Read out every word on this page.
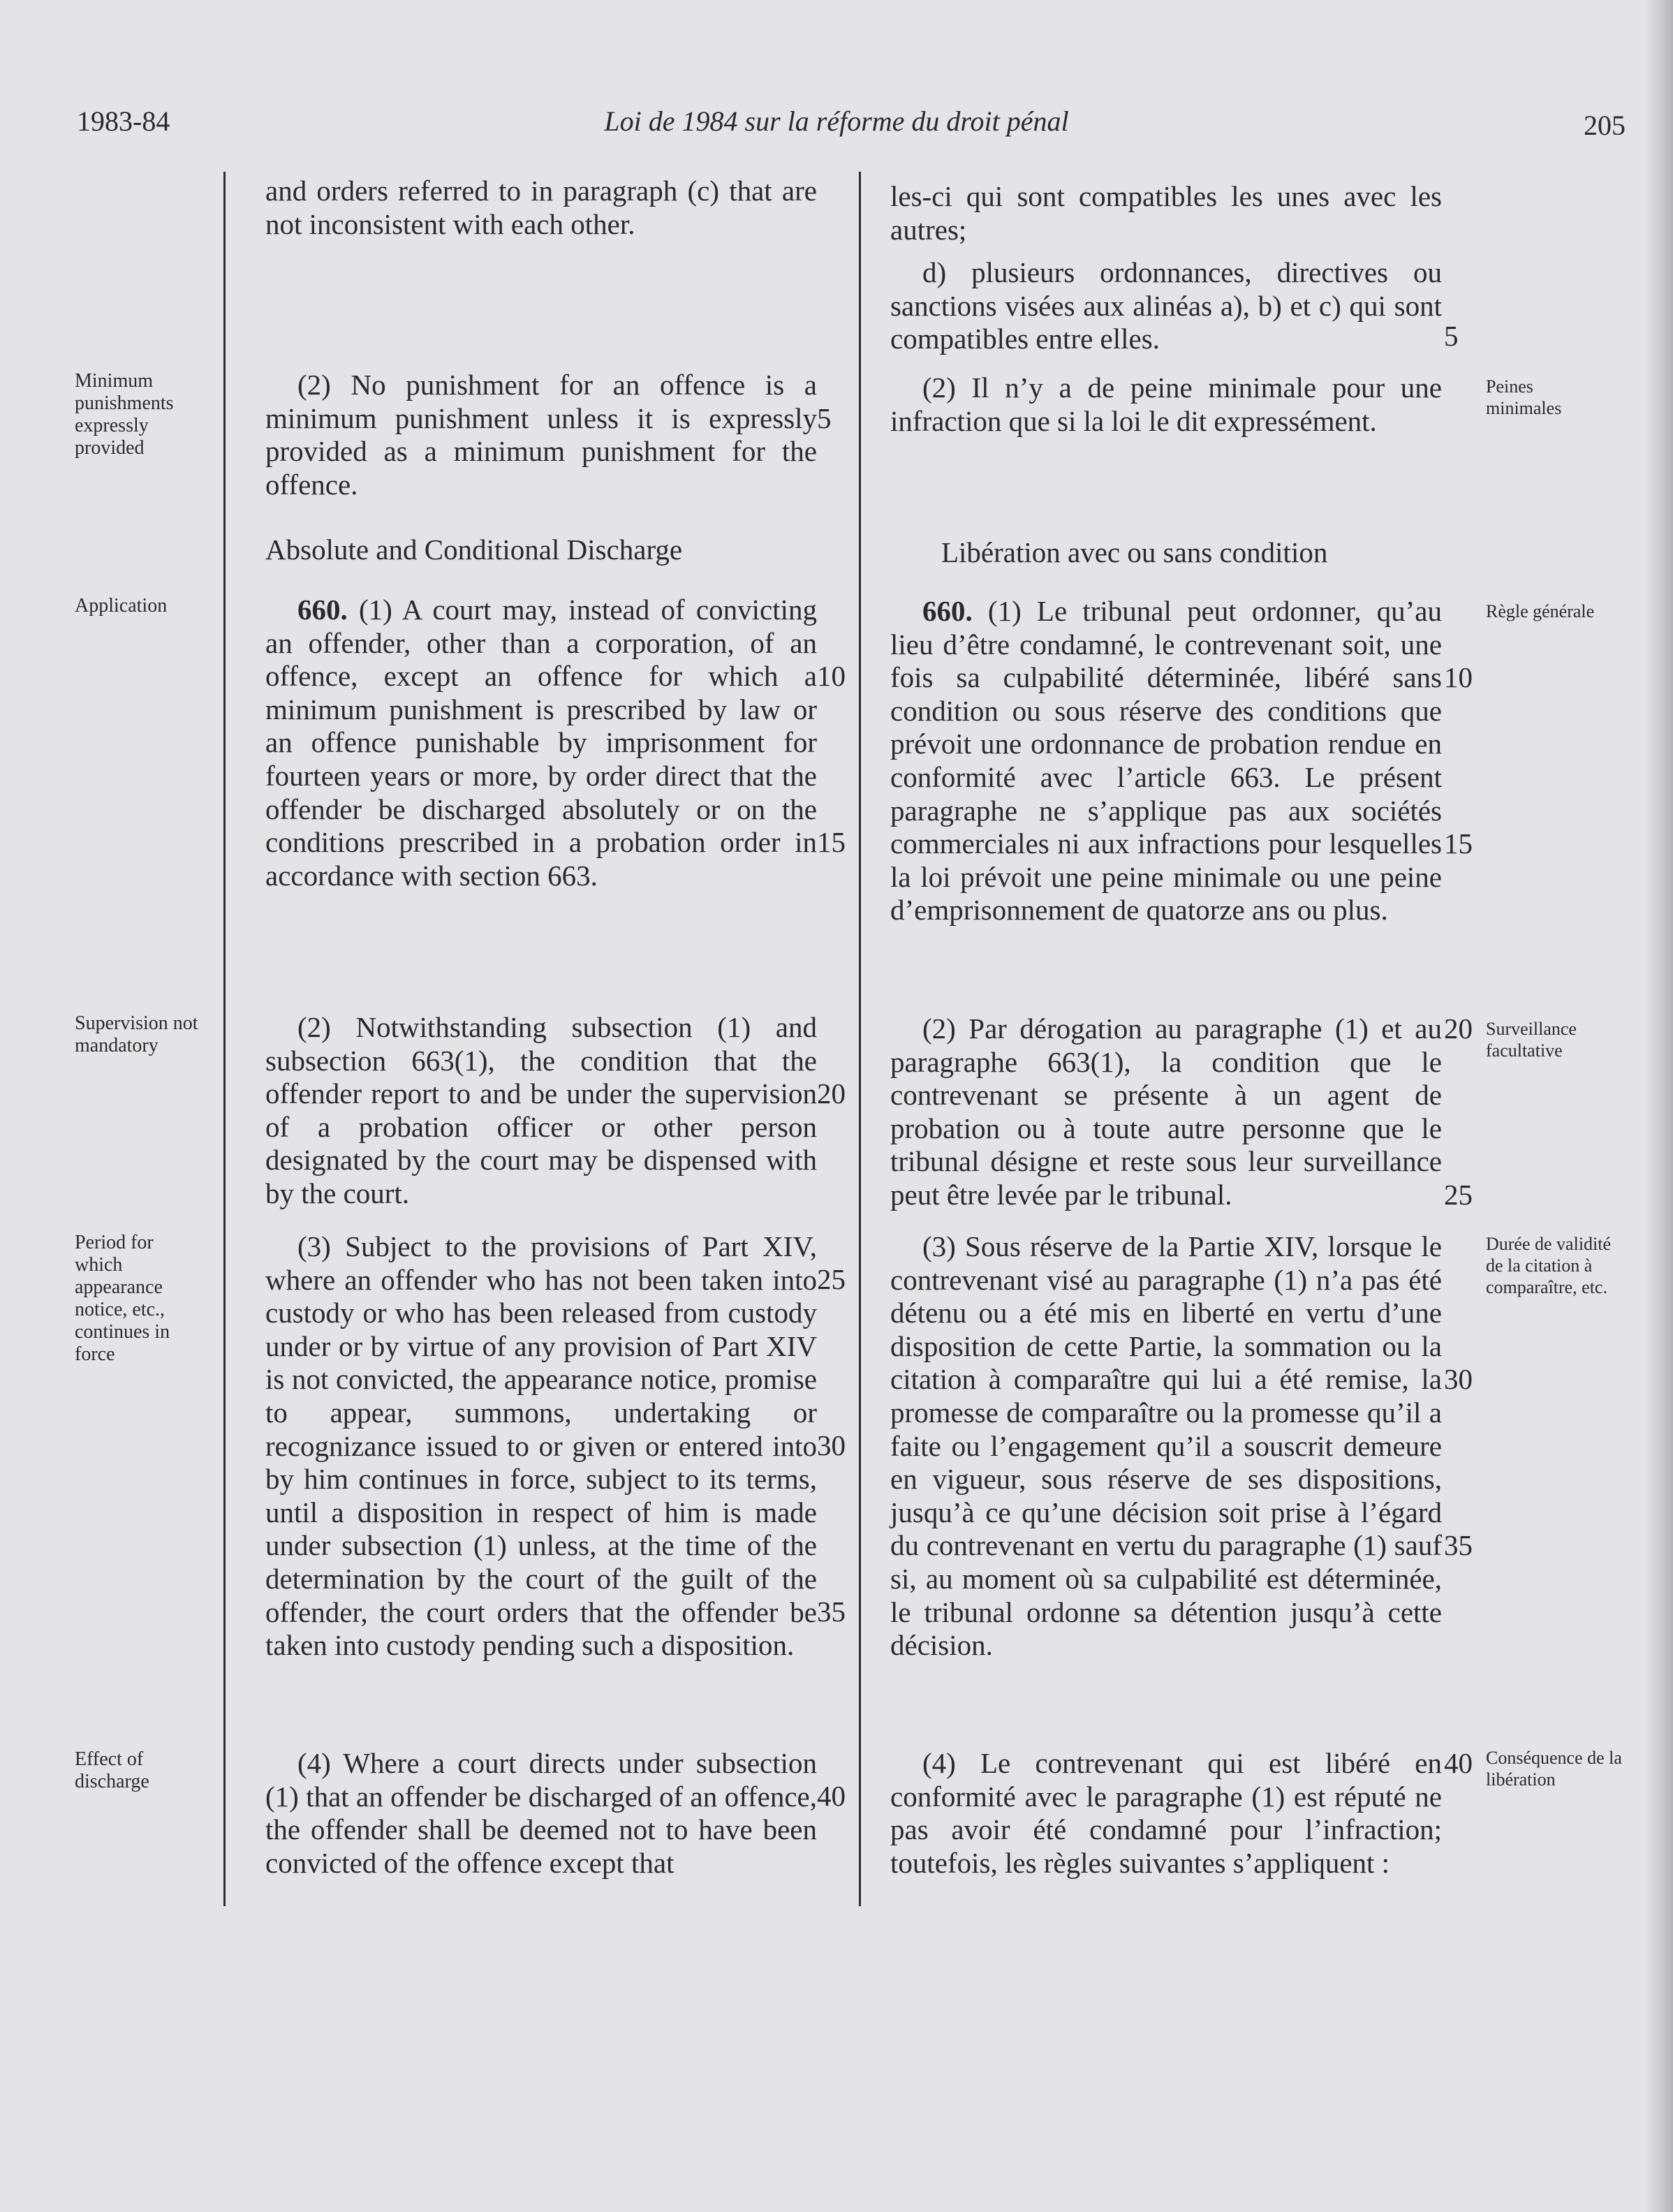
1983-84	Loi de 1984 sur la réforme du droit pénal	205

and orders referred to in paragraph (c) that are not inconsistent with each other.

(2) No punishment for an offence is a minimum punishment unless it is expressly provided as a minimum punishment for the offence.

Absolute and Conditional Discharge

660. (1) A court may, instead of convicting an offender, other than a corporation, of an offence, except an offence for which a minimum punishment is prescribed by law or an offence punishable by imprisonment for fourteen years or more, by order direct that the offender be discharged absolutely or on the conditions prescribed in a probation order in accordance with section 663.

(2) Notwithstanding subsection (1) and subsection 663(1), the condition that the offender report to and be under the supervision of a probation officer or other person designated by the court may be dispensed with by the court.

(3) Subject to the provisions of Part XIV, where an offender who has not been taken into custody or who has been released from custody under or by virtue of any provision of Part XIV is not convicted, the appearance notice, promise to appear, summons, undertaking or recognizance issued to or given or entered into by him continues in force, subject to its terms, until a disposition in respect of him is made under subsection (1) unless, at the time of the determination by the court of the guilt of the offender, the court orders that the offender be taken into custody pending such a disposition.

(4) Where a court directs under subsection (1) that an offender be discharged of an offence, the offender shall be deemed not to have been convicted of the offence except that

les-ci qui sont compatibles les unes avec les autres;

d) plusieurs ordonnances, directives ou sanctions visées aux alinéas a), b) et c) qui sont compatibles entre elles.

(2) Il n’y a de peine minimale pour une infraction que si la loi le dit expressément.

Libération avec ou sans condition

660. (1) Le tribunal peut ordonner, qu’au lieu d’être condamné, le contrevenant soit, une fois sa culpabilité déterminée, libéré sans condition ou sous réserve des conditions que prévoit une ordonnance de probation rendue en conformité avec l’article 663. Le présent paragraphe ne s’applique pas aux sociétés commerciales ni aux infractions pour lesquelles la loi prévoit une peine minimale ou une peine d’emprisonnement de quatorze ans ou plus.

(2) Par dérogation au paragraphe (1) et au paragraphe 663(1), la condition que le contrevenant se présente à un agent de probation ou à toute autre personne que le tribunal désigne et reste sous leur surveillance peut être levée par le tribunal.

(3) Sous réserve de la Partie XIV, lorsque le contrevenant visé au paragraphe (1) n’a pas été détenu ou a été mis en liberté en vertu d’une disposition de cette Partie, la sommation ou la citation à comparaître qui lui a été remise, la promesse de comparaître ou la promesse qu’il a faite ou l’engagement qu’il a souscrit demeure en vigueur, sous réserve de ses dispositions, jusqu’à ce qu’une décision soit prise à l’égard du contrevenant en vertu du paragraphe (1) sauf si, au moment où sa culpabilité est déterminée, le tribunal ordonne sa détention jusqu’à cette décision.

(4) Le contrevenant qui est libéré en conformité avec le paragraphe (1) est réputé ne pas avoir été condamné pour l’infraction; toutefois, les règles suivantes s’appliquent :

Minimum punishments expressly provided
Application
Supervision not mandatory
Period for which appearance notice, etc., continues in force
Effect of discharge
Peines minimales
Règle générale
Surveillance facultative
Durée de validité de la citation à comparaître, etc.
Conséquence de la libération
5
10
15
20
25
30
35
40
5
10
15
20
25
30
35
40
